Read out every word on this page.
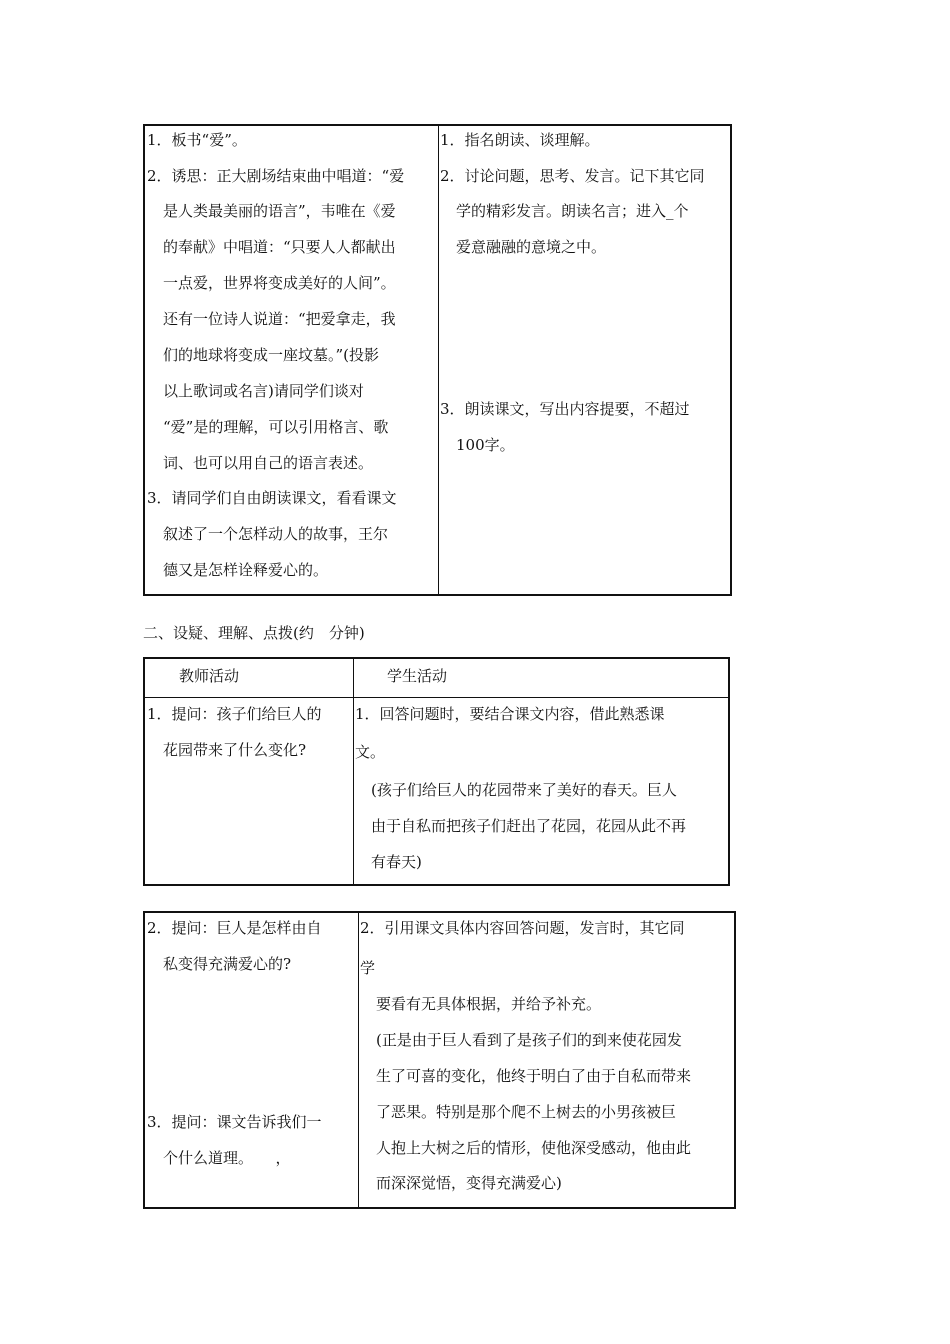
1．板书“爱”。
2．诱思：正大剧场结束曲中唱道：“爱
是人类最美丽的语言”，韦唯在《爱
的奉献》中唱道：“只要人人都献出
一点爱，世界将变成美好的人间”。
还有一位诗人说道：“把爱拿走，我
们的地球将变成一座坟墓。”(投影
以上歌词或名言)请同学们谈对
“爱”是的理解，可以引用格言、歌
词、也可以用自己的语言表述。
3．请同学们自由朗读课文，看看课文
叙述了一个怎样动人的故事，王尔
德又是怎样诠释爱心的。
1．指名朗读、谈理解。
2．讨论问题，思考、发言。记下其它同
学的精彩发言。朗读名言；进入_个
爱意融融的意境之中。
3．朗读课文，写出内容提要，不超过
100字。
二、设疑、理解、点拨(约　分钟)
教师活动	学生活动
1．提问：孩子们给巨人的
花园带来了什么变化?
1．回答问题时，要结合课文内容，借此熟悉课
文。
(孩子们给巨人的花园带来了美好的春天。巨人
由于自私而把孩子们赶出了花园，花园从此不再
有春天)
2．提问：巨人是怎样由自
私变得充满爱心的?
3．提问：课文告诉我们一
个什么道理。　　，
2．引用课文具体内容回答问题，发言时，其它同
学
要看有无具体根据，并给予补充。
(正是由于巨人看到了是孩子们的到来使花园发
生了可喜的变化，他终于明白了由于自私而带来
了恶果。特别是那个爬不上树去的小男孩被巨
人抱上大树之后的情形，使他深受感动，他由此
而深深觉悟，变得充满爱心)
